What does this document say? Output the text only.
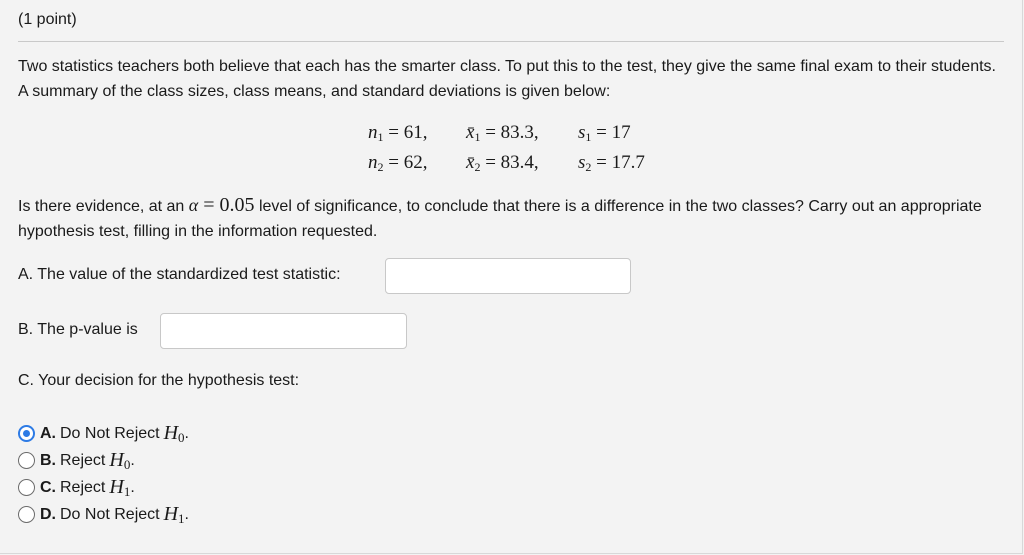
(1 point)
Two statistics teachers both believe that each has the smarter class. To put this to the test, they give the same final exam to their students. A summary of the class sizes, class means, and standard deviations is given below:
$n_1 = 61$,	$x̄_1 = 83.3$,	$s_1 = 17$
$n_2 = 62$,	$x̄_2 = 83.4$,	$s_2 = 17.7$
Is there evidence, at an α = 0.05 level of significance, to conclude that there is a difference in the two classes? Carry out an appropriate hypothesis test, filling in the information requested.
A. The value of the standardized test statistic:
B. The p-value is
C. Your decision for the hypothesis test:
A. Do Not Reject $H_0$ .
B. Reject $H_0$ .
C. Reject $H_1$ .
D. Do Not Reject $H_1$ .
